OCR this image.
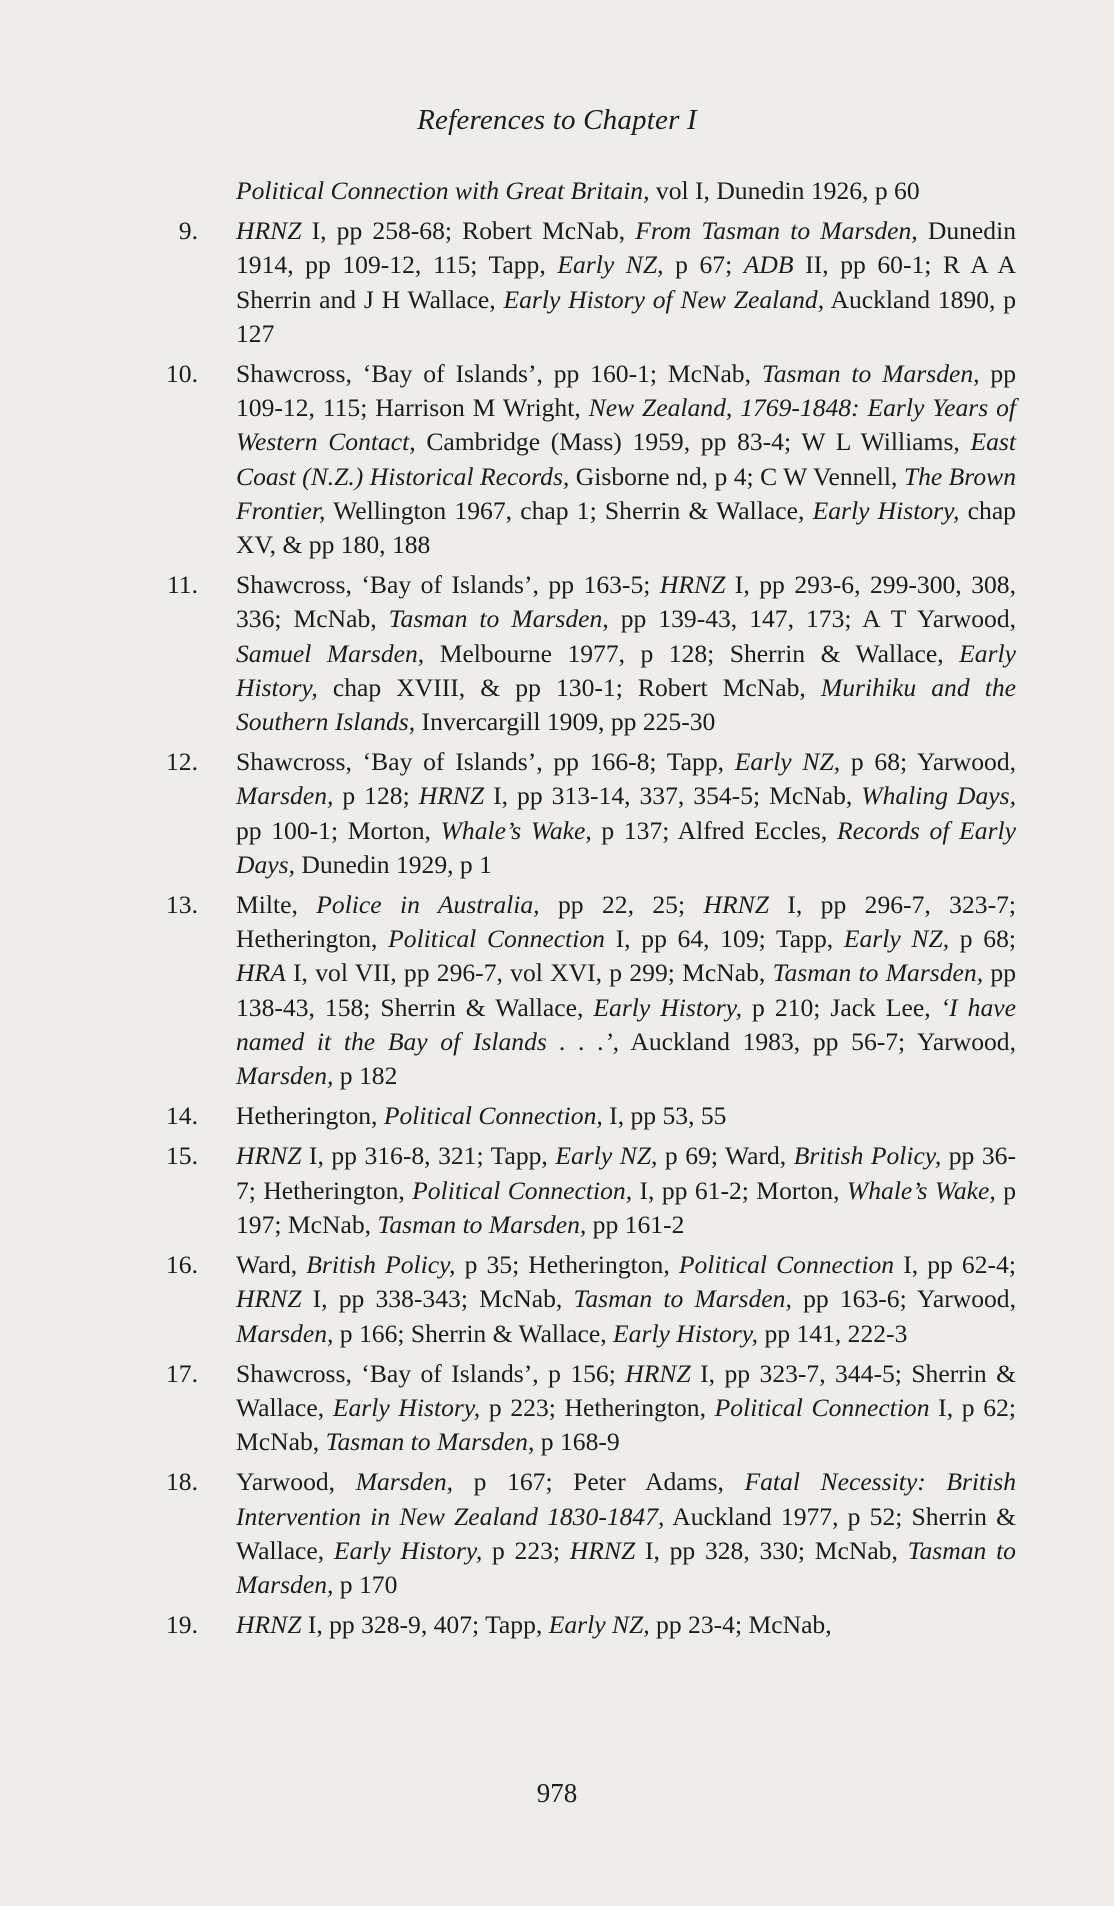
References to Chapter I
Political Connection with Great Britain, vol I, Dunedin 1926, p 60
9. HRNZ I, pp 258-68; Robert McNab, From Tasman to Marsden, Dunedin 1914, pp 109-12, 115; Tapp, Early NZ, p 67; ADB II, pp 60-1; R A A Sherrin and J H Wallace, Early History of New Zealand, Auckland 1890, p 127
10. Shawcross, ‘Bay of Islands’, pp 160-1; McNab, Tasman to Marsden, pp 109-12, 115; Harrison M Wright, New Zealand, 1769-1848: Early Years of Western Contact, Cambridge (Mass) 1959, pp 83-4; W L Williams, East Coast (N.Z.) Historical Records, Gisborne nd, p 4; C W Vennell, The Brown Frontier, Wellington 1967, chap 1; Sherrin & Wallace, Early History, chap XV, & pp 180, 188
11. Shawcross, ‘Bay of Islands’, pp 163-5; HRNZ I, pp 293-6, 299-300, 308, 336; McNab, Tasman to Marsden, pp 139-43, 147, 173; A T Yarwood, Samuel Marsden, Melbourne 1977, p 128; Sherrin & Wallace, Early History, chap XVIII, & pp 130-1; Robert McNab, Murihiku and the Southern Islands, Invercargill 1909, pp 225-30
12. Shawcross, ‘Bay of Islands’, pp 166-8; Tapp, Early NZ, p 68; Yarwood, Marsden, p 128; HRNZ I, pp 313-14, 337, 354-5; McNab, Whaling Days, pp 100-1; Morton, Whale’s Wake, p 137; Alfred Eccles, Records of Early Days, Dunedin 1929, p 1
13. Milte, Police in Australia, pp 22, 25; HRNZ I, pp 296-7, 323-7; Hetherington, Political Connection I, pp 64, 109; Tapp, Early NZ, p 68; HRA I, vol VII, pp 296-7, vol XVI, p 299; McNab, Tasman to Marsden, pp 138-43, 158; Sherrin & Wallace, Early History, p 210; Jack Lee, ‘I have named it the Bay of Islands . . .’, Auckland 1983, pp 56-7; Yarwood, Marsden, p 182
14. Hetherington, Political Connection, I, pp 53, 55
15. HRNZ I, pp 316-8, 321; Tapp, Early NZ, p 69; Ward, British Policy, pp 36-7; Hetherington, Political Connection, I, pp 61-2; Morton, Whale’s Wake, p 197; McNab, Tasman to Marsden, pp 161-2
16. Ward, British Policy, p 35; Hetherington, Political Connection I, pp 62-4; HRNZ I, pp 338-343; McNab, Tasman to Marsden, pp 163-6; Yarwood, Marsden, p 166; Sherrin & Wallace, Early History, pp 141, 222-3
17. Shawcross, ‘Bay of Islands’, p 156; HRNZ I, pp 323-7, 344-5; Sherrin & Wallace, Early History, p 223; Hetherington, Political Connection I, p 62; McNab, Tasman to Marsden, p 168-9
18. Yarwood, Marsden, p 167; Peter Adams, Fatal Necessity: British Intervention in New Zealand 1830-1847, Auckland 1977, p 52; Sherrin & Wallace, Early History, p 223; HRNZ I, pp 328, 330; McNab, Tasman to Marsden, p 170
19. HRNZ I, pp 328-9, 407; Tapp, Early NZ, pp 23-4; McNab,
978
